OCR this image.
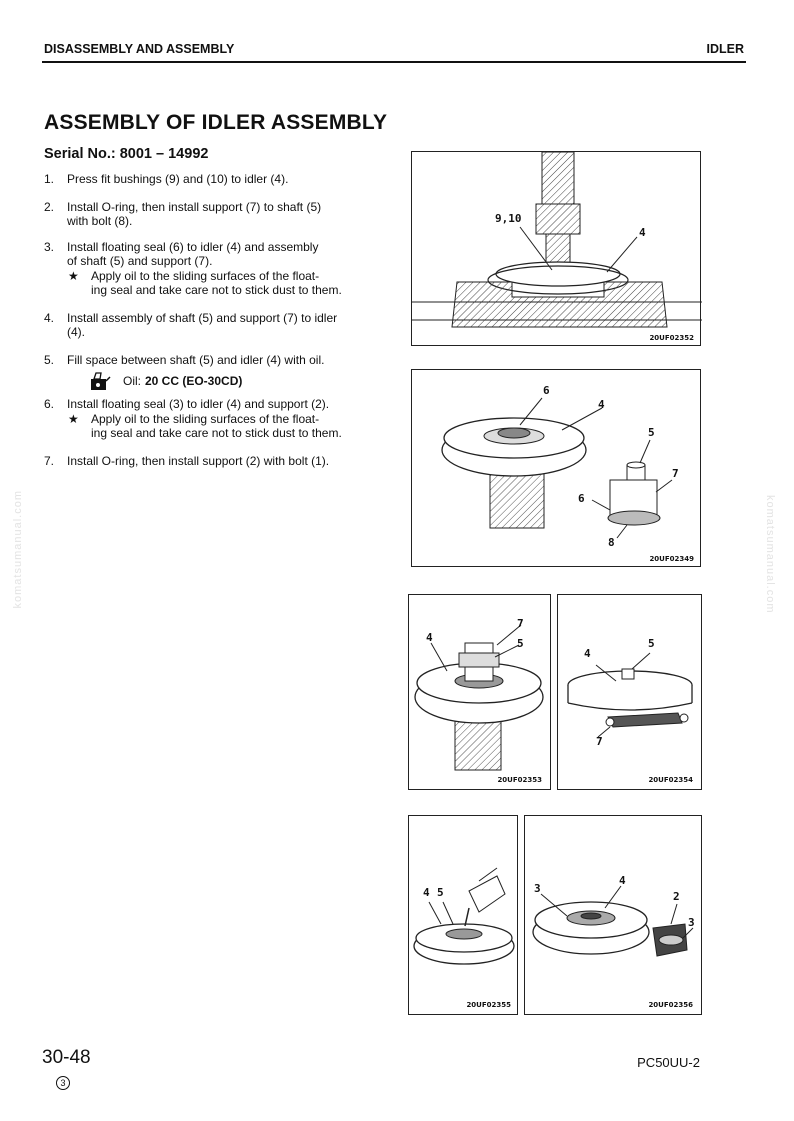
DISASSEMBLY AND ASSEMBLY	IDLER
ASSEMBLY OF IDLER ASSEMBLY
Serial No.: 8001 – 14992
1. Press fit bushings (9) and (10) to idler (4).
2. Install O-ring, then install support (7) to shaft (5)
with bolt (8).
3. Install floating seal (6) to idler (4) and assembly
of shaft (5) and support (7).
★ Apply oil to the sliding surfaces of the float-
ing seal and take care not to stick dust to them.
4. Install assembly of shaft (5) and support (7) to idler
(4).
5. Fill space between shaft (5) and idler (4) with oil.
Oil: 20 CC (EO-30CD)
6. Install floating seal (3) to idler (4) and support (2).
★ Apply oil to the sliding surfaces of the float-
ing seal and take care not to stick dust to them.
7. Install O-ring, then install support (2) with bolt (1).
9,10
4
20UF02352
6
4
5
7
6
8
20UF02349
7
4	5
20UF02353
4
5
7
20UF02354
4 5
20UF02355
3
4
2
3
20UF02356
30-48
3
PC50UU-2
komatsumanual.com	komatsumanual.com
